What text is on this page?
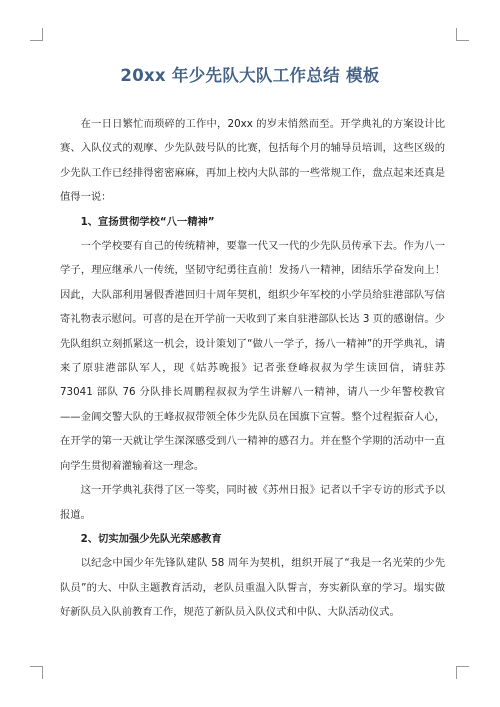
20xx 年少先队大队工作总结 模板

在一日日繁忙而琐碎的工作中，20xx 的岁末悄然而至。开学典礼的方案设计比赛、入队仪式的观摩、少先队鼓号队的比赛，包括每个月的辅导员培训，这些区级的少先队工作已经排得密密麻麻，再加上校内大队部的一些常规工作，盘点起来还真是值得一说：

1、宣扬贯彻学校“八一精神”

一个学校要有自己的传统精神，要靠一代又一代的少先队员传承下去。作为八一学子，理应继承八一传统，坚韧守纪勇往直前！发扬八一精神，团结乐学奋发向上！因此，大队部利用暑假香港回归十周年契机，组织少年军校的小学员给驻港部队写信寄礼物表示慰问。可喜的是在开学前一天收到了来自驻港部队长达 3 页的感谢信。少先队组织立刻抓紧这一机会，设计策划了“做八一学子，扬八一精神”的开学典礼，请来了原驻港部队军人，现《姑苏晚报》记者张登峰叔叔为学生读回信，请驻苏 73041 部队 76 分队排长周鹏程叔叔为学生讲解八一精神，请八一少年警校教官——金阊交警大队的王峰叔叔带领全体少先队员在国旗下宣誓。整个过程振奋人心，在开学的第一天就让学生深深感受到八一精神的感召力。并在整个学期的活动中一直向学生贯彻着灌输着这一理念。

这一开学典礼获得了区一等奖，同时被《苏州日报》记者以千字专访的形式予以报道。

2、切实加强少先队光荣感教育

以纪念中国少年先锋队建队 58 周年为契机，组织开展了“我是一名光荣的少先队员”的大、中队主题教育活动，老队员重温入队誓言，夯实新队章的学习。塌实做好新队员入队前教育工作，规范了新队员入队仪式和中队、大队活动仪式。
